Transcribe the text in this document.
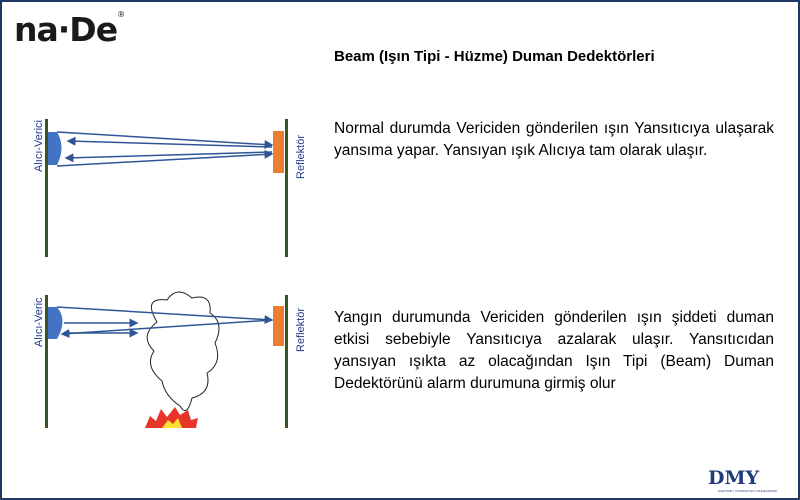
na·De®
Beam (Işın Tipi - Hüzme) Duman Dedektörleri
Alıcı-Verici	Reflektör
Alıcı-Veric	Reflektör
Normal durumda Vericiden gönderilen ışın Yansıtıcıya ulaşarak yansıma yapar. Yansıyan ışık Alıcıya tam olarak ulaşır.
Yangın durumunda Vericiden gönderilen ışın şiddeti duman etkisi sebebiyle Yansıtıcıya azalarak ulaşır. Yansıtıcıdan yansıyan ışıkta az olacağından Işın Tipi (Beam) Duman Dedektörünü alarm durumuna girmiş olur
DMY
ELEKTRİK | OTOMASYON | MÜHENDİSLİK
